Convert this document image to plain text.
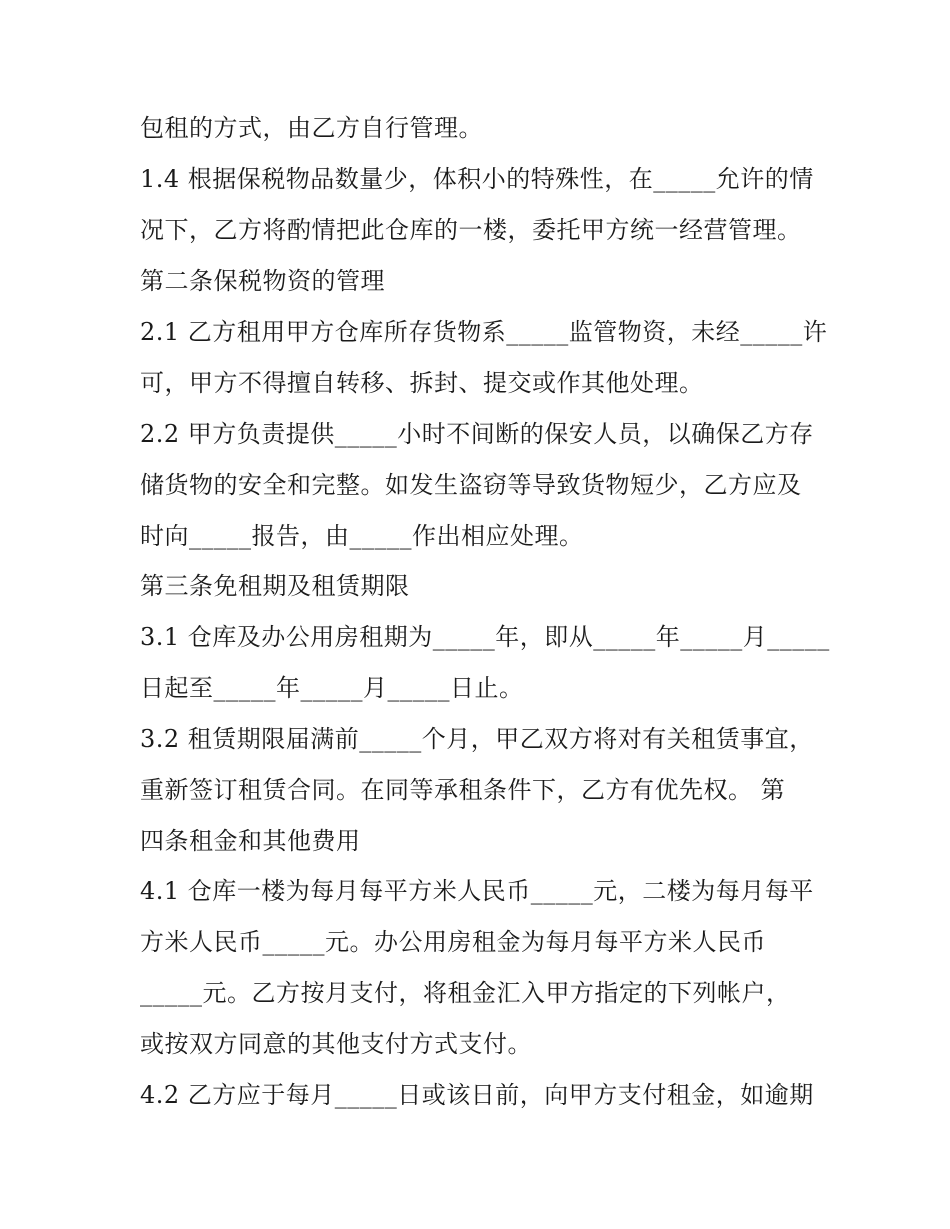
包租的方式，由乙方自行管理。
1.4 根据保税物品数量少，体积小的特殊性，在_____允许的情
况下，乙方将酌情把此仓库的一楼，委托甲方统一经营管理。
第二条保税物资的管理
2.1 乙方租用甲方仓库所存货物系_____监管物资，未经_____许
可，甲方不得擅自转移、拆封、提交或作其他处理。
2.2 甲方负责提供_____小时不间断的保安人员，以确保乙方存
储货物的安全和完整。如发生盗窃等导致货物短少，乙方应及
时向_____报告，由_____作出相应处理。
第三条免租期及租赁期限
3.1 仓库及办公用房租期为_____年，即从_____年_____月_____
日起至_____年_____月_____日止。
3.2 租赁期限届满前_____个月，甲乙双方将对有关租赁事宜，
重新签订租赁合同。在同等承租条件下，乙方有优先权。 第
四条租金和其他费用
4.1 仓库一楼为每月每平方米人民币_____元，二楼为每月每平
方米人民币_____元。办公用房租金为每月每平方米人民币
_____元。乙方按月支付，将租金汇入甲方指定的下列帐户，
或按双方同意的其他支付方式支付。
4.2 乙方应于每月_____日或该日前，向甲方支付租金，如逾期
